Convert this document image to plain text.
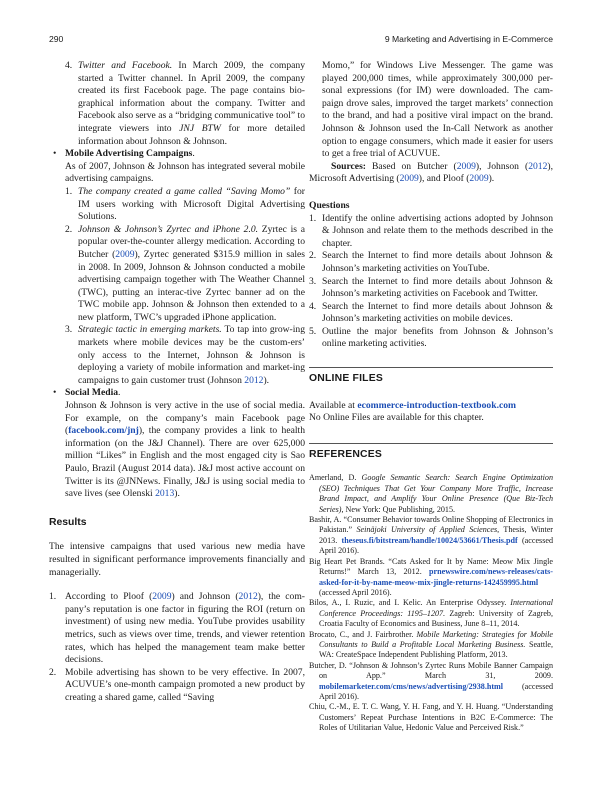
290	9 Marketing and Advertising in E-Commerce
4. Twitter and Facebook. In March 2009, the company started a Twitter channel. In April 2009, the company created its first Facebook page. The page contains bio-graphical information about the company. Twitter and Facebook also serve as a “bridging communicative tool” to integrate viewers into JNJ BTW for more detailed information about Johnson & Johnson.
• Mobile Advertising Campaigns.

As of 2007, Johnson & Johnson has integrated several mobile advertising campaigns.

1. The company created a game called “Saving Momo” for IM users working with Microsoft Digital Advertising Solutions.
2. Johnson & Johnson’s Zyrtec and iPhone 2.0. Zyrtec is a popular over-the-counter allergy medication. According to Butcher (2009), Zyrtec generated $315.9 million in sales in 2008. In 2009, Johnson & Johnson conducted a mobile advertising campaign together with The Weather Channel (TWC), putting an interac-tive Zyrtec banner ad on the TWC mobile app. Johnson & Johnson then extended to a new platform, TWC’s upgraded iPhone application.
3. Strategic tactic in emerging markets. To tap into grow-ing markets where mobile devices may be the custom-ers’ only access to the Internet, Johnson & Johnson is deploying a variety of mobile information and market-ing campaigns to gain customer trust (Johnson 2012).
• Social Media.

Johnson & Johnson is very active in the use of social media. For example, on the company’s main Facebook page (facebook.com/jnj), the company provides a link to health information (on the J&J Channel). There are over 625,000 million “Likes” in English and the most engaged city is Sao Paulo, Brazil (August 2014 data). J&J most active account on Twitter is its @JNNews. Finally, J&J is using social media to save lives (see Olenski 2013).

Results

The intensive campaigns that used various new media have resulted in significant performance improvements financially and managerially.

1. According to Ploof (2009) and Johnson (2012), the com-pany’s reputation is one factor in figuring the ROI (return on investment) of using new media. YouTube provides usability metrics, such as views over time, trends, and viewer retention rates, which has helped the management team make better decisions.
2. Mobile advertising has shown to be very effective. In 2007, ACUVUE’s one-month campaign promoted a new product by creating a shared game, called “Saving

Momo,” for Windows Live Messenger. The game was played 200,000 times, while approximately 300,000 per-sonal expressions (for IM) were downloaded. The cam-paign drove sales, improved the target markets’ connection to the brand, and had a positive viral impact on the brand. Johnson & Johnson used the In-Call Network as another option to engage consumers, which made it easier for users to get a free trial of ACUVUE.

Sources: Based on Butcher (2009), Johnson (2012), Microsoft Advertising (2009), and Ploof (2009).

Questions
1. Identify the online advertising actions adopted by Johnson & Johnson and relate them to the methods described in the chapter.
2. Search the Internet to find more details about Johnson & Johnson’s marketing activities on YouTube.
3. Search the Internet to find more details about Johnson & Johnson’s marketing activities on Facebook and Twitter.
4. Search the Internet to find more details about Johnson & Johnson’s marketing activities on mobile devices.
5. Outline the major benefits from Johnson & Johnson’s online marketing activities.
ONLINE FILES

Available at ecommerce-introduction-textbook.com

No Online Files are available for this chapter.

REFERENCES

Amerland, D. Google Semantic Search: Search Engine Optimization (SEO) Techniques That Get Your Company More Traffic, Increase Brand Impact, and Amplify Your Online Presence (Que Biz-Tech Series), New York: Que Publishing, 2015.

Bashir, A. “Consumer Behavior towards Online Shopping of Electronics in Pakistan.” Seinäjoki University of Applied Sciences, Thesis, Winter 2013. theseus.fi/bitstream/handle/10024/53661/Thesis.pdf (accessed April 2016).

Big Heart Pet Brands. “Cats Asked for It by Name: Meow Mix Jingle Returns!” March 13, 2012. prnewswire.com/news-releases/cats-asked-for-it-by-name-meow-mix-jingle-returns-142459995.html (accessed April 2016).

Bilos, A., I. Ruzic, and I. Kelic. An Enterprise Odyssey. International Conference Proceedings: 1195–1207. Zagreb: University of Zagreb, Croatia Faculty of Economics and Business, June 8–11, 2014.

Brocato, C., and J. Fairbrother. Mobile Marketing: Strategies for Mobile Consultants to Build a Profitable Local Marketing Business. Seattle, WA: CreateSpace Independent Publishing Platform, 2013.

Butcher, D. “Johnson & Johnson’s Zyrtec Runs Mobile Banner Campaign on App.” March 31, 2009. mobilemarketer.com/cms/news/advertising/2938.html (accessed April 2016).

Chiu, C.-M., E. T. C. Wang, Y. H. Fang, and Y. H. Huang. “Understanding Customers’ Repeat Purchase Intentions in B2C E-Commerce: The Roles of Utilitarian Value, Hedonic Value and Perceived Risk.”
